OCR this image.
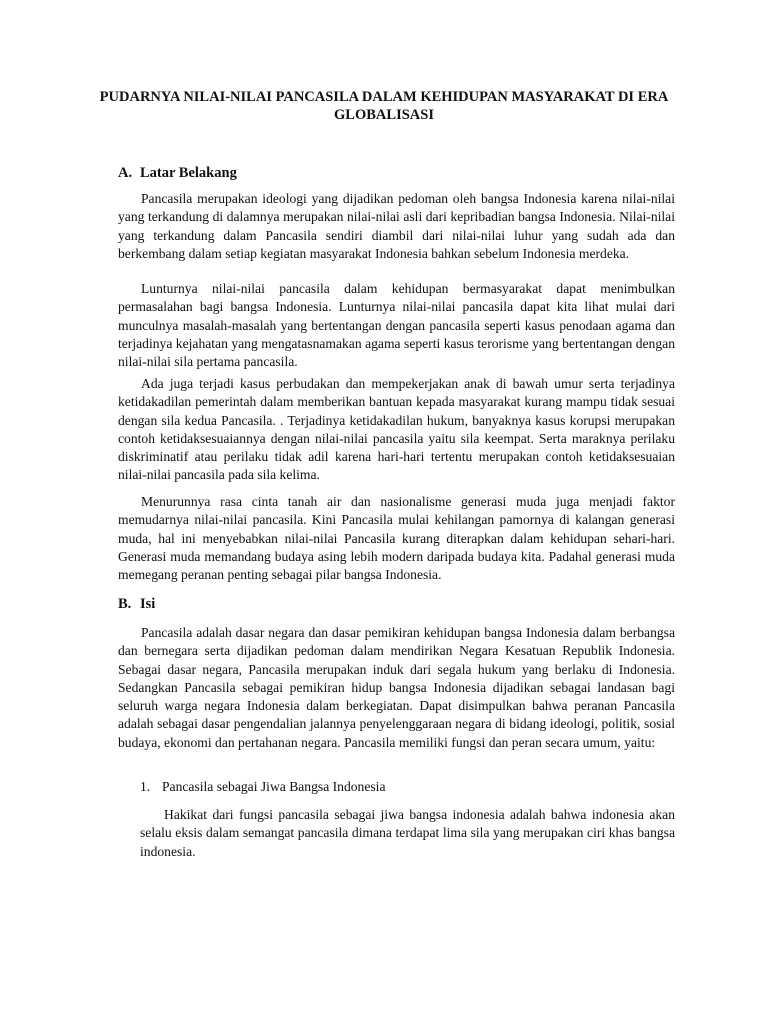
PUDARNYA NILAI-NILAI PANCASILA DALAM KEHIDUPAN MASYARAKAT DI ERA

GLOBALISASI

A. Latar Belakang

Pancasila merupakan ideologi yang dijadikan pedoman oleh bangsa Indonesia karena nilai-nilai yang terkandung di dalamnya merupakan nilai-nilai asli dari kepribadian bangsa Indonesia. Nilai-nilai yang terkandung dalam Pancasila sendiri diambil dari nilai-nilai luhur yang sudah ada dan berkembang dalam setiap kegiatan masyarakat Indonesia bahkan sebelum Indonesia merdeka.

Lunturnya nilai-nilai pancasila dalam kehidupan bermasyarakat dapat menimbulkan permasalahan bagi bangsa Indonesia. Lunturnya nilai-nilai pancasila dapat kita lihat mulai dari munculnya masalah-masalah yang bertentangan dengan pancasila seperti kasus penodaan agama dan terjadinya kejahatan yang mengatasnamakan agama seperti kasus terorisme yang bertentangan dengan nilai-nilai sila pertama pancasila.

Ada juga terjadi kasus perbudakan dan mempekerjakan anak di bawah umur serta terjadinya ketidakadilan pemerintah dalam memberikan bantuan kepada masyarakat kurang mampu tidak sesuai dengan sila kedua Pancasila. . Terjadinya ketidakadilan hukum, banyaknya kasus korupsi merupakan contoh ketidaksesuaiannya dengan nilai-nilai pancasila yaitu sila keempat. Serta maraknya perilaku diskriminatif atau perilaku tidak adil karena hari-hari tertentu merupakan contoh ketidaksesuaian nilai-nilai pancasila pada sila kelima.

Menurunnya rasa cinta tanah air dan nasionalisme generasi muda juga menjadi faktor memudarnya nilai-nilai pancasila. Kini Pancasila mulai kehilangan pamornya di kalangan generasi muda, hal ini menyebabkan nilai-nilai Pancasila kurang diterapkan dalam kehidupan sehari-hari. Generasi muda memandang budaya asing lebih modern daripada budaya kita. Padahal generasi muda memegang peranan penting sebagai pilar bangsa Indonesia.

B. Isi

Pancasila adalah dasar negara dan dasar pemikiran kehidupan bangsa Indonesia dalam berbangsa dan bernegara serta dijadikan pedoman dalam mendirikan Negara Kesatuan Republik Indonesia. Sebagai dasar negara, Pancasila merupakan induk dari segala hukum yang berlaku di Indonesia. Sedangkan Pancasila sebagai pemikiran hidup bangsa Indonesia dijadikan sebagai landasan bagi seluruh warga negara Indonesia dalam berkegiatan. Dapat disimpulkan bahwa peranan Pancasila adalah sebagai dasar pengendalian jalannya penyelenggaraan negara di bidang ideologi, politik, sosial budaya, ekonomi dan pertahanan negara. Pancasila memiliki fungsi dan peran secara umum, yaitu:

1. Pancasila sebagai Jiwa Bangsa Indonesia

Hakikat dari fungsi pancasila sebagai jiwa bangsa indonesia adalah bahwa indonesia akan selalu eksis dalam semangat pancasila dimana terdapat lima sila yang merupakan ciri khas bangsa indonesia.
